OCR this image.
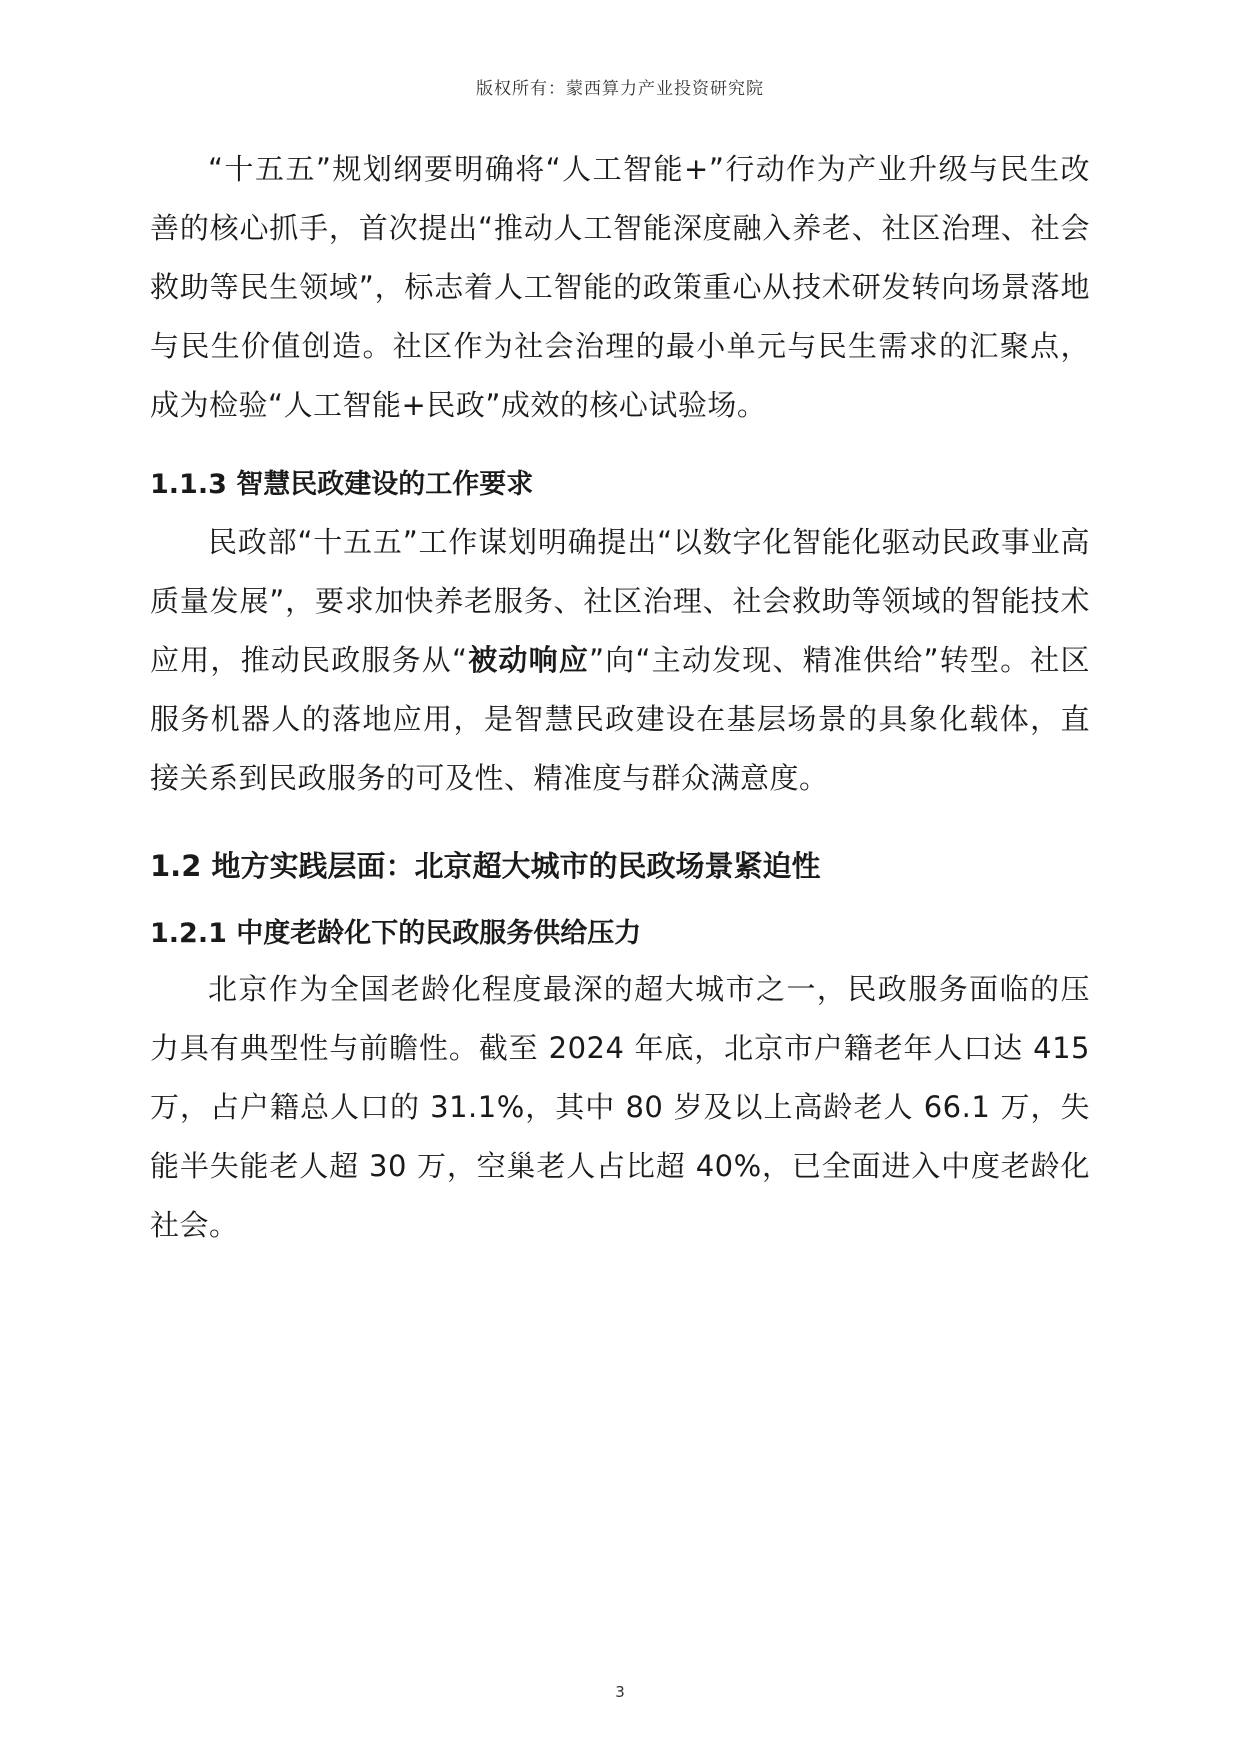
版权所有：蒙西算力产业投资研究院

“十五五”规划纲要明确将“人工智能+”行动作为产业升级与民生改善的核心抓手，首次提出“推动人工智能深度融入养老、社区治理、社会救助等民生领域”，标志着人工智能的政策重心从技术研发转向场景落地与民生价值创造。社区作为社会治理的最小单元与民生需求的汇聚点，成为检验“人工智能+民政”成效的核心试验场。

1.1.3 智慧民政建设的工作要求

民政部“十五五”工作谋划明确提出“以数字化智能化驱动民政事业高质量发展”，要求加快养老服务、社区治理、社会救助等领域的智能技术应用，推动民政服务从“被动响应”向“主动发现、精准供给”转型。社区服务机器人的落地应用，是智慧民政建设在基层场景的具象化载体，直接关系到民政服务的可及性、精准度与群众满意度。

1.2 地方实践层面：北京超大城市的民政场景紧迫性
1.2.1 中度老龄化下的民政服务供给压力

北京作为全国老龄化程度最深的超大城市之一，民政服务面临的压力具有典型性与前瞻性。截至 2024 年底，北京市户籍老年人口达 415 万，占户籍总人口的 31.1%，其中 80 岁及以上高龄老人 66.1 万，失能半失能老人超 30 万，空巢老人占比超 40%，已全面进入中度老龄化社会。

3
